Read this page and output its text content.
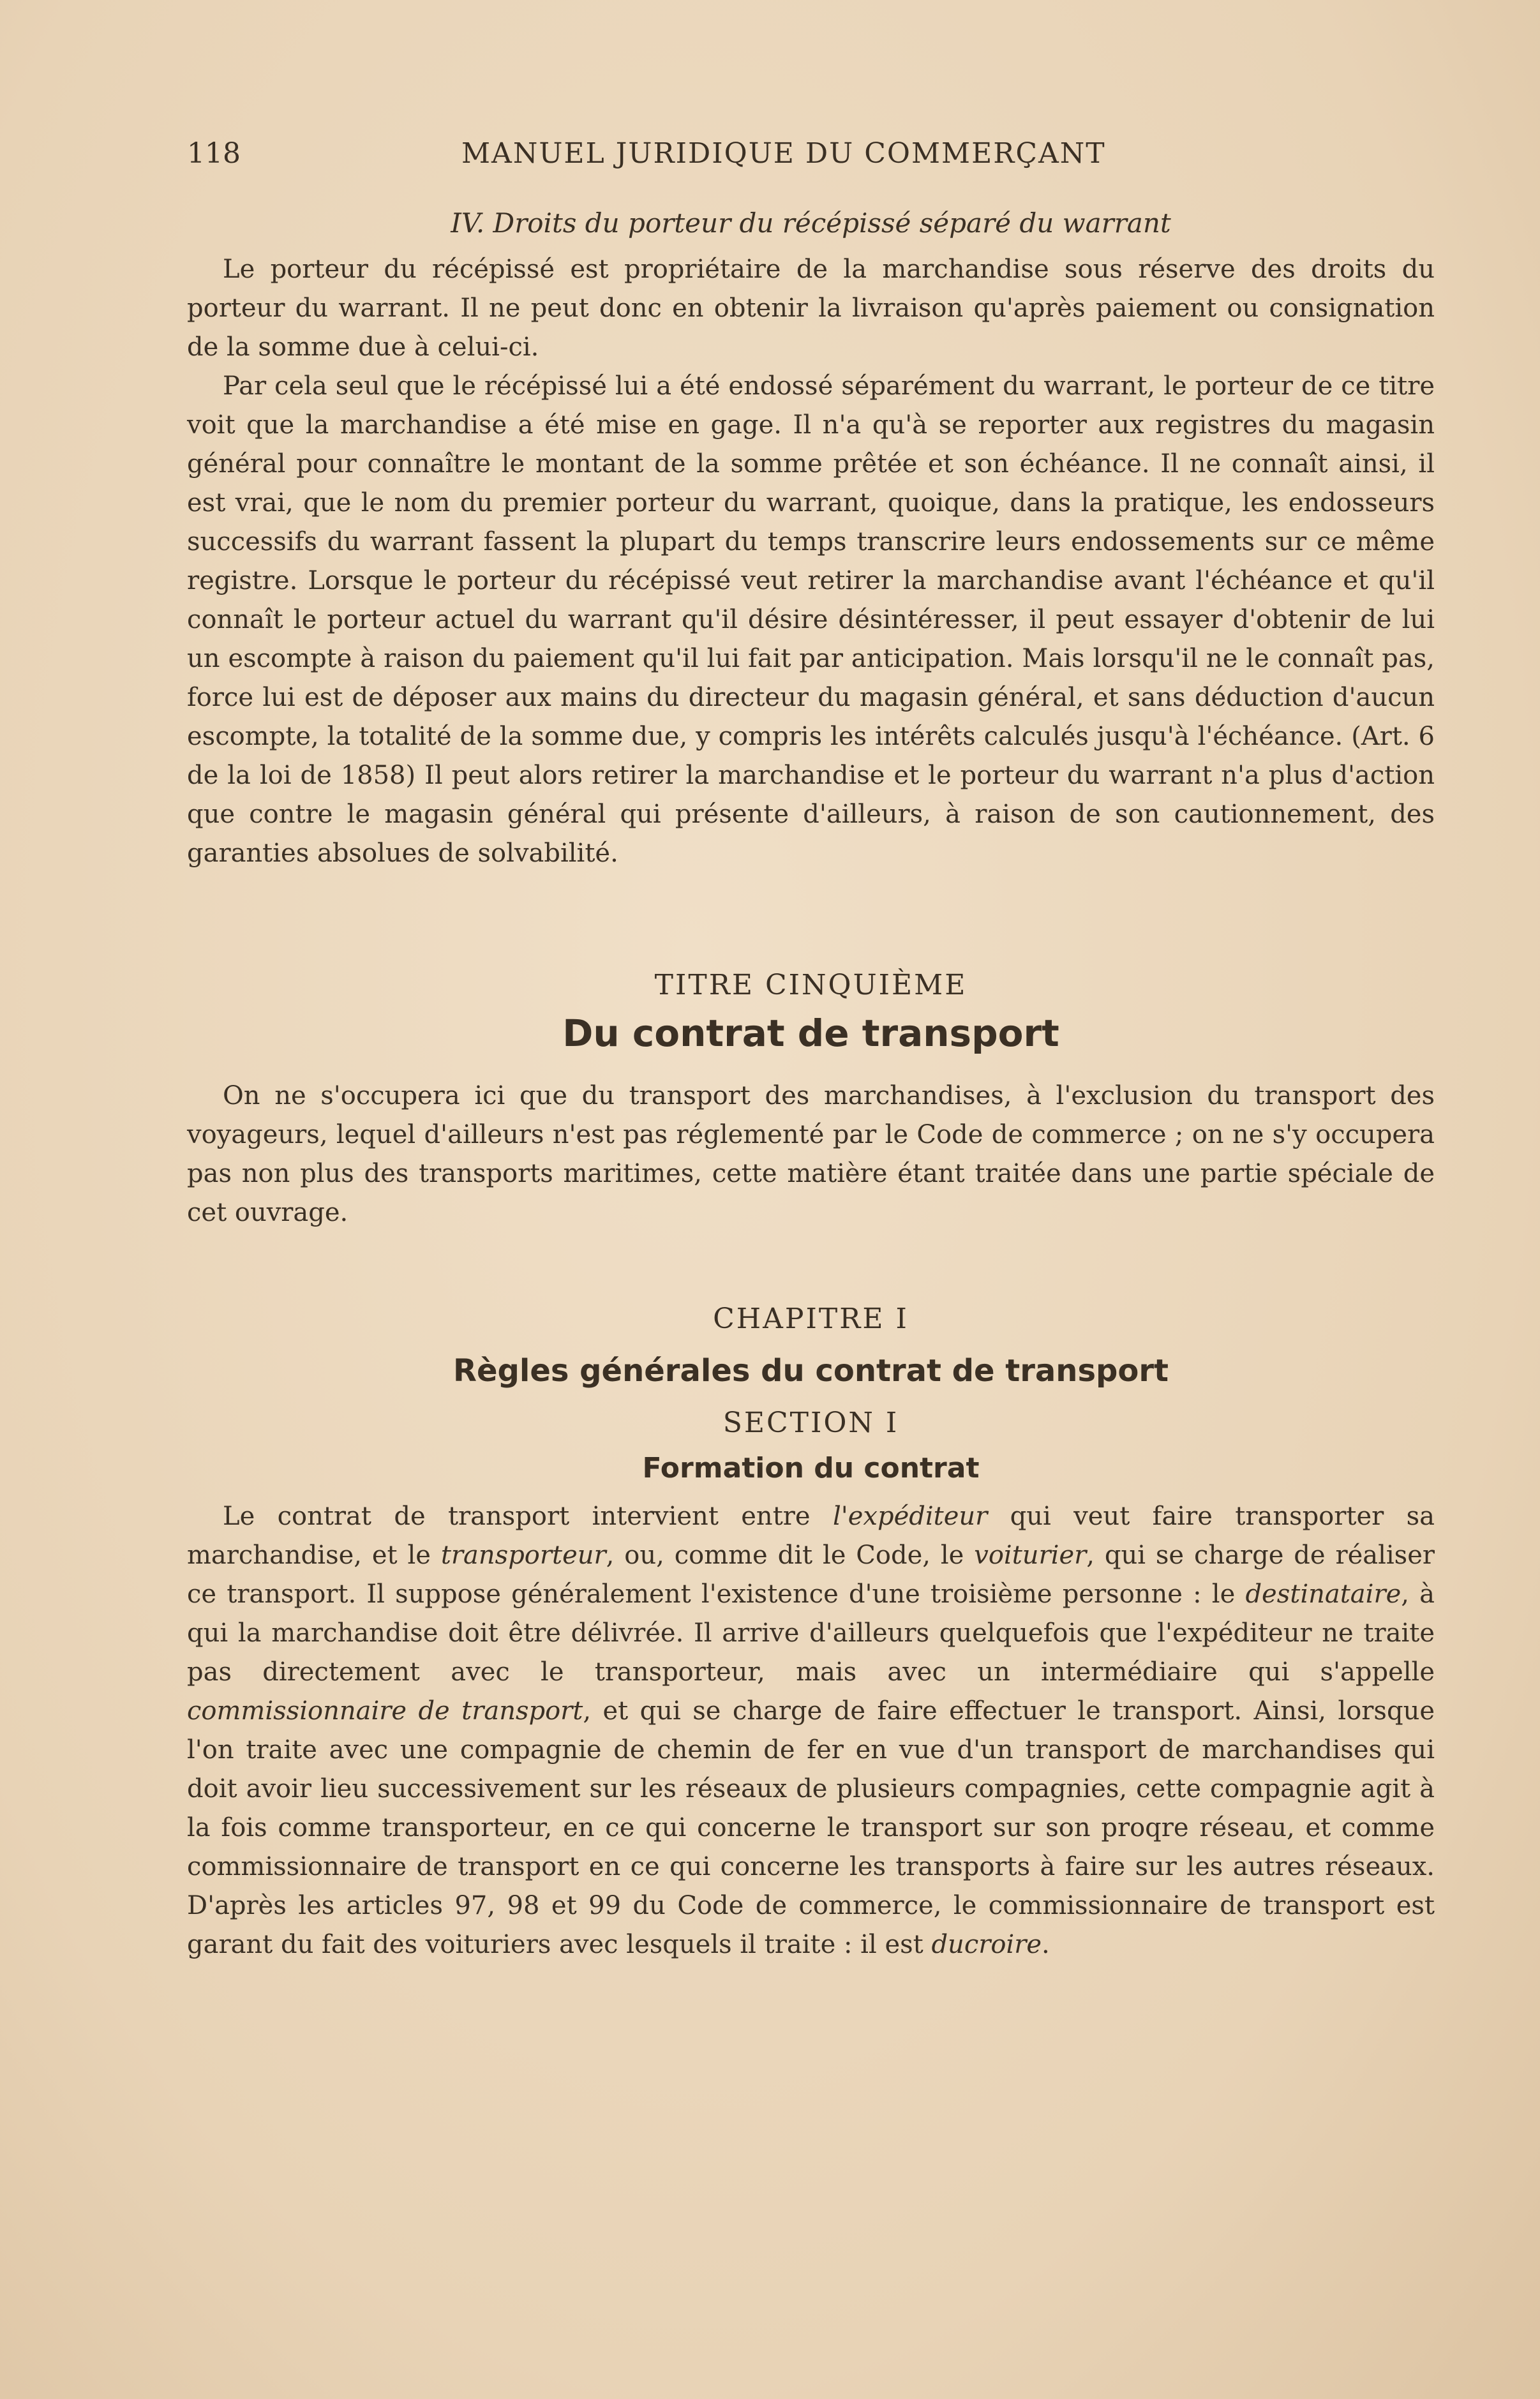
118	MANUEL JURIDIQUE DU COMMERÇANT

IV. Droits du porteur du récépissé séparé du warrant

Le porteur du récépissé est propriétaire de la marchandise sous réserve des droits du porteur du warrant. Il ne peut donc en obtenir la livraison qu'après paiement ou consignation de la somme due à celui-ci.

Par cela seul que le récépissé lui a été endossé séparément du warrant, le porteur de ce titre voit que la marchandise a été mise en gage. Il n'a qu'à se reporter aux registres du magasin général pour connaître le montant de la somme prêtée et son échéance. Il ne connaît ainsi, il est vrai, que le nom du premier porteur du warrant, quoique, dans la pratique, les endosseurs successifs du warrant fassent la plupart du temps transcrire leurs endossements sur ce même registre. Lorsque le porteur du récépissé veut retirer la marchandise avant l'échéance et qu'il connaît le porteur actuel du warrant qu'il désire désintéresser, il peut essayer d'obtenir de lui un escompte à raison du paiement qu'il lui fait par anticipation. Mais lorsqu'il ne le connaît pas, force lui est de déposer aux mains du directeur du magasin général, et sans déduction d'aucun escompte, la totalité de la somme due, y compris les intérêts calculés jusqu'à l'échéance. (Art. 6 de la loi de 1858) Il peut alors retirer la marchandise et le porteur du warrant n'a plus d'action que contre le magasin général qui présente d'ailleurs, à raison de son cautionnement, des garanties absolues de solvabilité.

TITRE CINQUIÈME

Du contrat de transport

On ne s'occupera ici que du transport des marchandises, à l'exclusion du transport des voyageurs, lequel d'ailleurs n'est pas réglementé par le Code de commerce ; on ne s'y occupera pas non plus des transports maritimes, cette matière étant traitée dans une partie spéciale de cet ouvrage.

CHAPITRE I

Règles générales du contrat de transport

SECTION I

Formation du contrat

Le contrat de transport intervient entre l'expéditeur qui veut faire transporter sa marchandise, et le transporteur, ou, comme dit le Code, le voiturier, qui se charge de réaliser ce transport. Il suppose généralement l'existence d'une troisième personne : le destinataire, à qui la marchandise doit être délivrée. Il arrive d'ailleurs quelquefois que l'expéditeur ne traite pas directement avec le transporteur, mais avec un intermédiaire qui s'appelle commissionnaire de transport, et qui se charge de faire effectuer le transport. Ainsi, lorsque l'on traite avec une compagnie de chemin de fer en vue d'un transport de marchandises qui doit avoir lieu successivement sur les réseaux de plusieurs compagnies, cette compagnie agit à la fois comme transporteur, en ce qui concerne le transport sur son proqre réseau, et comme commissionnaire de transport en ce qui concerne les transports à faire sur les autres réseaux. D'après les articles 97, 98 et 99 du Code de commerce, le commissionnaire de transport est garant du fait des voituriers avec lesquels il traite : il est ducroire.
